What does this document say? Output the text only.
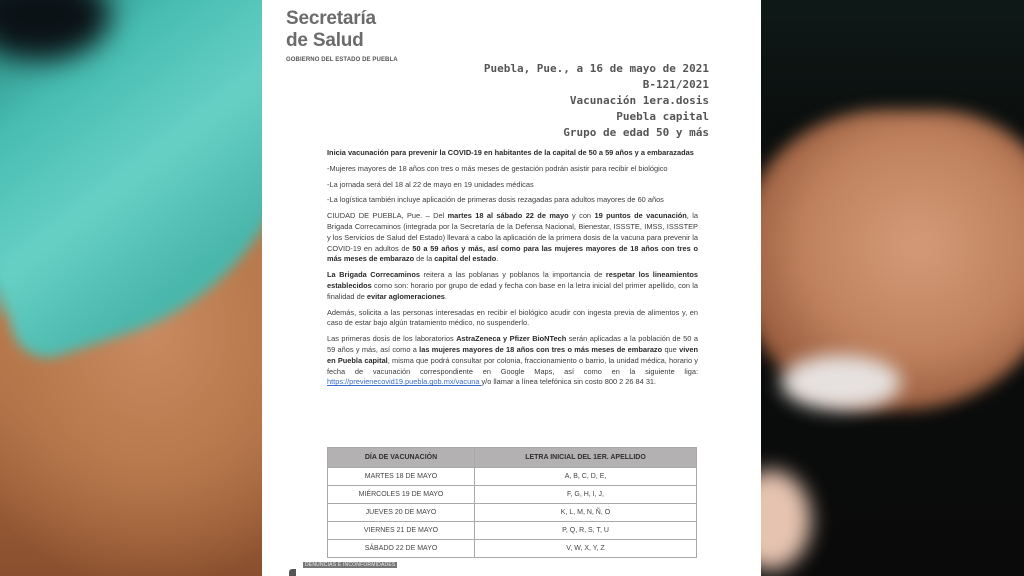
Secretaría
de Salud
GOBIERNO DEL ESTADO DE PUEBLA
Puebla, Pue., a 16 de mayo de 2021
B-121/2021
Vacunación 1era.dosis
Puebla capital
Grupo de edad 50 y más

Inicia vacunación para prevenir la COVID-19 en habitantes de la capital de 50 a 59 años y a embarazadas

-Mujeres mayores de 18 años con tres o más meses de gestación podrán asistir para recibir el biológico

-La jornada será del 18 al 22 de mayo en 19 unidades médicas

-La logística también incluye aplicación de primeras dosis rezagadas para adultos mayores de 60 años

CIUDAD DE PUEBLA, Pue. – Del martes 18 al sábado 22 de mayo y con 19 puntos de vacunación, la Brigada Correcaminos (integrada por la Secretaría de la Defensa Nacional, Bienestar, ISSSTE, IMSS, ISSSTEP y los Servicios de Salud del Estado) llevará a cabo la aplicación de la primera dosis de la vacuna para prevenir la COVID-19 en adultos de 50 a 59 años y más, así como para las mujeres mayores de 18 años con tres o más meses de embarazo de la capital del estado.

La Brigada Correcaminos reitera a las poblanas y poblanos la importancia de respetar los lineamientos establecidos como son: horario por grupo de edad y fecha con base en la letra inicial del primer apellido, con la finalidad de evitar aglomeraciones.

Además, solicita a las personas interesadas en recibir el biológico acudir con ingesta previa de alimentos y, en caso de estar bajo algún tratamiento médico, no suspenderlo.

Las primeras dosis de los laboratorios AstraZeneca y Pfizer BioNTech serán aplicadas a la población de 50 a 59 años y más, así como a las mujeres mayores de 18 años con tres o más meses de embarazo que viven en Puebla capital, misma que podrá consultar por colonia, fraccionamiento o barrio, la unidad médica, horario y fecha de vacunación correspondiente en Google Maps, así como en la siguiente liga: https://previenecovid19.puebla.gob.mx/vacuna y/o llamar a línea telefónica sin costo 800 2 26 84 31.

DÍA DE VACUNACIÓN	LETRA INICIAL DEL 1ER. APELLIDO
MARTES 18 DE MAYO	A, B, C, D, E,
MIÉRCOLES 19 DE MAYO	F, G, H, I, J,
JUEVES 20 DE MAYO	K, L, M, N, Ñ, O
VIERNES 21 DE MAYO	P, Q, R, S, T, U
SÁBADO 22 DE MAYO	V, W, X, Y, Z
DENUNCIAS E INCONFORMIDADES
